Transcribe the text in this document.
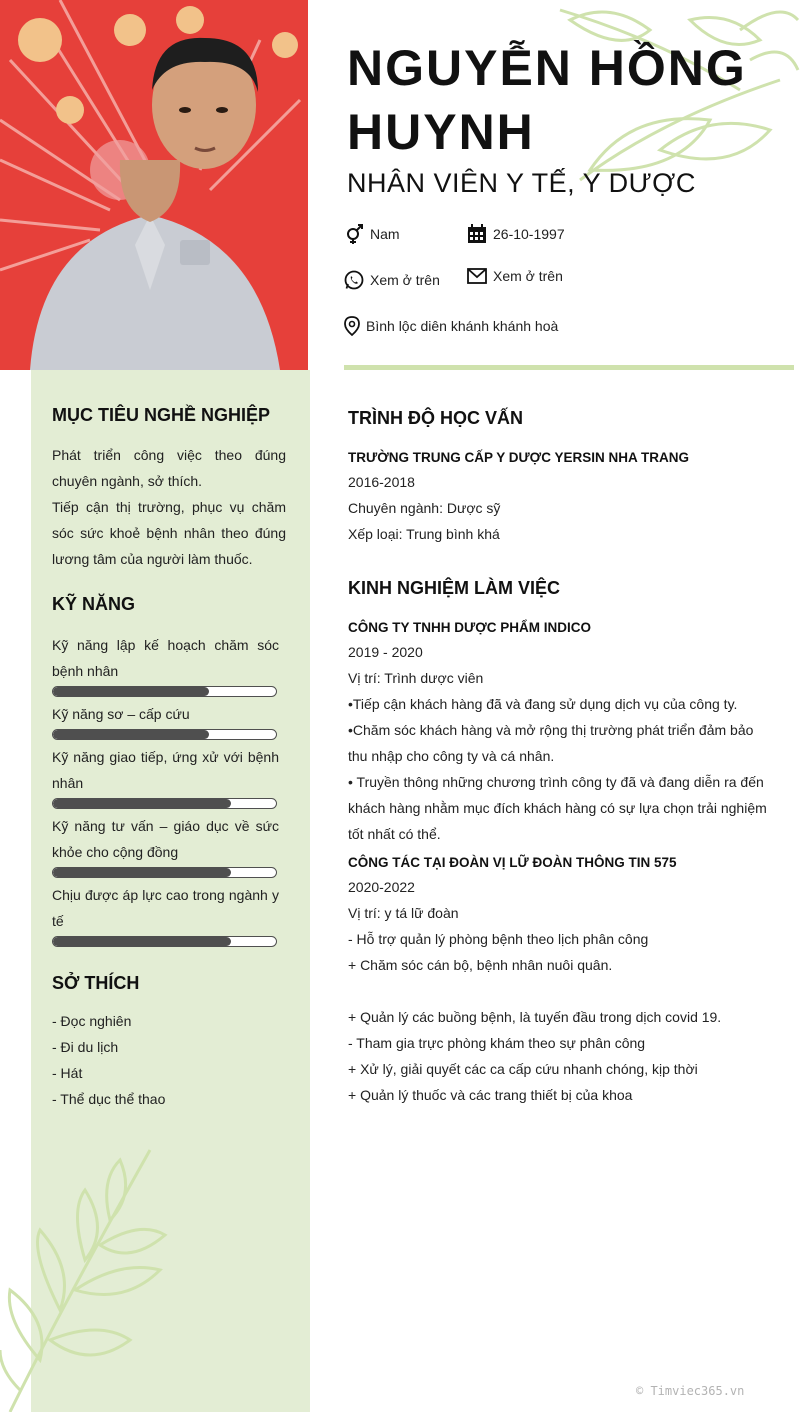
NGUYỄN HỒNG
HUYNH
NHÂN VIÊN Y TẾ, Y DƯỢC
Nam	26-10-1997
Xem ở trên	Xem ở trên
Bình lộc diên khánh khánh hoà
MỤC TIÊU NGHỀ NGHIỆP
Phát triển công việc theo đúng chuyên ngành, sở thích.
Tiếp cận thị trường, phục vụ chăm sóc sức khoẻ bệnh nhân theo đúng lương tâm của người làm thuốc.
KỸ NĂNG
Kỹ năng lập kế hoạch chăm sóc bệnh nhân
Kỹ năng sơ – cấp cứu
Kỹ năng giao tiếp, ứng xử với bệnh nhân
Kỹ năng tư vấn – giáo dục về sức khỏe cho cộng đồng
Chịu được áp lực cao trong ngành y tế
SỞ THÍCH
- Đọc nghiên
- Đi du lịch
- Hát
- Thể dục thể thao
TRÌNH ĐỘ HỌC VẤN
TRƯỜNG TRUNG CẤP Y DƯỢC YERSIN NHA TRANG
2016-2018
Chuyên ngành: Dược sỹ
Xếp loại: Trung bình khá
KINH NGHIỆM LÀM VIỆC
CÔNG TY TNHH DƯỢC PHẨM INDICO
2019 - 2020
Vị trí: Trình dược viên
•Tiếp cận khách hàng đã và đang sử dụng dịch vụ của công ty.
•Chăm sóc khách hàng và mở rộng thị trường phát triển đảm bảo
thu nhập cho công ty và cá nhân.
• Truyền thông những chương trình công ty đã và đang diễn ra đến
khách hàng nhằm mục đích khách hàng có sự lựa chọn trải nghiệm
tốt nhất có thể.
CÔNG TÁC TẠI ĐOÀN VỊ LỮ ĐOÀN THÔNG TIN 575
2020-2022
Vị trí: y tá lữ đoàn
- Hỗ trợ quản lý phòng bệnh theo lịch phân công
+ Chăm sóc cán bộ, bệnh nhân nuôi quân.
+ Quản lý các buồng bệnh, là tuyến đầu trong dịch covid 19.
- Tham gia trực phòng khám theo sự phân công
+ Xử lý, giải quyết các ca cấp cứu nhanh chóng, kịp thời
+ Quản lý thuốc và các trang thiết bị của khoa
© Timviec365.vn
